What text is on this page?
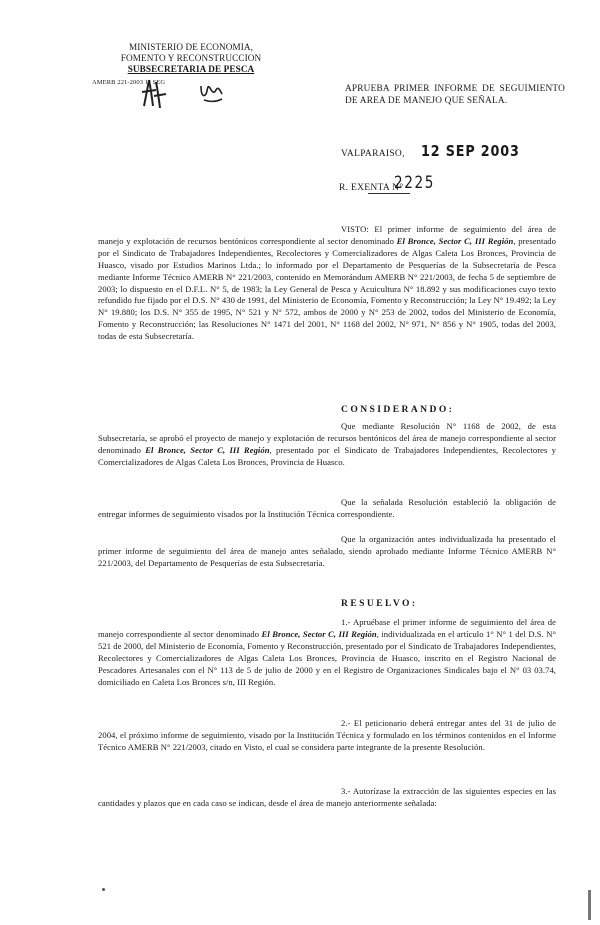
MINISTERIO DE ECONOMIA,
FOMENTO Y RECONSTRUCCION
SUBSECRETARIA DE PESCA
AMERB 221-2003 1° SEG
APRUEBA PRIMER INFORME DE SEGUIMIENTO DE AREA DE MANEJO QUE SEÑALA.
VALPARAISO, 12 SEP 2003
R. EXENTA N°
2225
VISTO: El primer informe de seguimiento del área de manejo y explotación de recursos bentónicos correspondiente al sector denominado El Bronce, Sector C, III Región, presentado por el Sindicato de Trabajadores Independientes, Recolectores y Comercializadores de Algas Caleta Los Bronces, Provincia de Huasco, visado por Estudios Marinos Ltda.; lo informado por el Departamento de Pesquerías de la Subsecretaría de Pesca mediante Informe Técnico AMERB N° 221/2003, contenido en Memorándum AMERB N° 221/2003, de fecha 5 de septiembre de 2003; lo dispuesto en el D.F.L. N° 5, de 1983; la Ley General de Pesca y Acuicultura N° 18.892 y sus modificaciones cuyo texto refundido fue fijado por el D.S. N° 430 de 1991, del Ministerio de Economía, Fomento y Reconstrucción; la Ley N° 19.492; la Ley N° 19.880; los D.S. N° 355 de 1995, N° 521 y N° 572, ambos de 2000 y N° 253 de 2002, todos del Ministerio de Economía, Fomento y Reconstrucción; las Resoluciones N° 1471 del 2001, N° 1168 del 2002, N° 971, N° 856 y N° 1905, todas del 2003, todas de esta Subsecretaría.
CONSIDERANDO:
Que mediante Resolución N° 1168 de 2002, de esta Subsecretaría, se aprobó el proyecto de manejo y explotación de recursos bentónicos del área de manejo correspondiente al sector denominado El Bronce, Sector C, III Región, presentado por el Sindicato de Trabajadores Independientes, Recolectores y Comercializadores de Algas Caleta Los Bronces, Provincia de Huasco.
Que la señalada Resolución estableció la obligación de entregar informes de seguimiento visados por la Institución Técnica correspondiente.
Que la organización antes individualizada ha presentado el primer informe de seguimiento del área de manejo antes señalado, siendo aprobado mediante Informe Técnico AMERB N° 221/2003, del Departamento de Pesquerías de esta Subsecretaría.
RESUELVO:
1.- Apruébase el primer informe de seguimiento del área de manejo correspondiente al sector denominado El Bronce, Sector C, III Región, individualizada en el artículo 1° N° 1 del D.S. N° 521 de 2000, del Ministerio de Economía, Fomento y Reconstrucción, presentado por el Sindicato de Trabajadores Independientes, Recolectores y Comercializadores de Algas Caleta Los Bronces, Provincia de Huasco, inscrito en el Registro Nacional de Pescadores Artesanales con el N° 113 de 5 de julio de 2000 y en el Registro de Organizaciones Sindicales bajo el N° 03 03.74, domiciliado en Caleta Los Bronces s/n, III Región.
2.- El peticionario deberá entregar antes del 31 de julio de 2004, el próximo informe de seguimiento, visado por la Institución Técnica y formulado en los términos contenidos en el Informe Técnico AMERB N° 221/2003, citado en Visto, el cual se considera parte integrante de la presente Resolución.
3.- Autorízase la extracción de las siguientes especies en las cantidades y plazos que en cada caso se indican, desde el área de manejo anteriormente señalada:
